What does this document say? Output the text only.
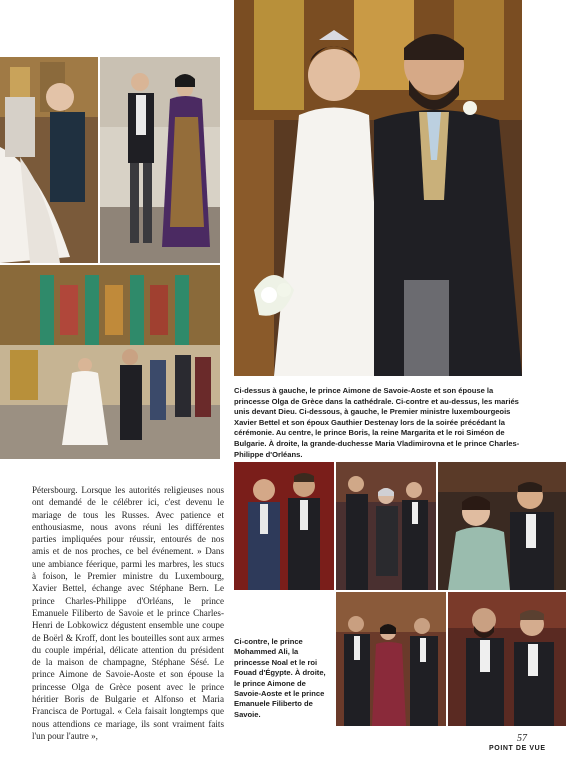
Ci-dessus à gauche, le prince Aimone de Savoie-Aoste et son épouse la princesse Olga de Grèce dans la cathédrale. Ci-contre et au-dessus, les mariés unis devant Dieu. Ci-dessous, à gauche, le Premier ministre luxembourgeois Xavier Bettel et son époux Gauthier Destenay lors de la soirée précédant la cérémonie. Au centre, le prince Boris, la reine Margarita et le roi Siméon de Bulgarie. À droite, la grande-duchesse Maria Vladimirovna et le prince Charles-Philippe d'Orléans.
Ci-contre, le prince Mohammed Ali, la princesse Noal et le roi Fouad d'Égypte. À droite, le prince Aimone de Savoie-Aoste et le prince Emanuele Filiberto de Savoie.
Pétersbourg. Lorsque les autorités religieuses nous ont demandé de le célébrer ici, c'est devenu le mariage de tous les Russes. Avec patience et enthousiasme, nous avons réuni les différentes parties impliquées pour réussir, entourés de nos amis et de nos proches, ce bel événement. » Dans une ambiance féerique, parmi les marbres, les stucs à foison, le Premier ministre du Luxembourg, Xavier Bettel, échange avec Stéphane Bern. Le prince Charles-Philippe d'Orléans, le prince Emanuele Filiberto de Savoie et le prince Charles-Henri de Lobkowicz dégustent ensemble une coupe de Boërl & Kroff, dont les bouteilles sont aux armes du couple impérial, délicate attention du président de la maison de champagne, Stéphane Sésé. Le prince Aimone de Savoie-Aoste et son épouse la princesse Olga de Grèce posent avec le prince héritier Boris de Bulgarie et Alfonso et Maria Francisca de Portugal. « Cela faisait longtemps que nous attendions ce mariage, ils sont vraiment faits l'un pour l'autre »,	57
POINT DE VUE
